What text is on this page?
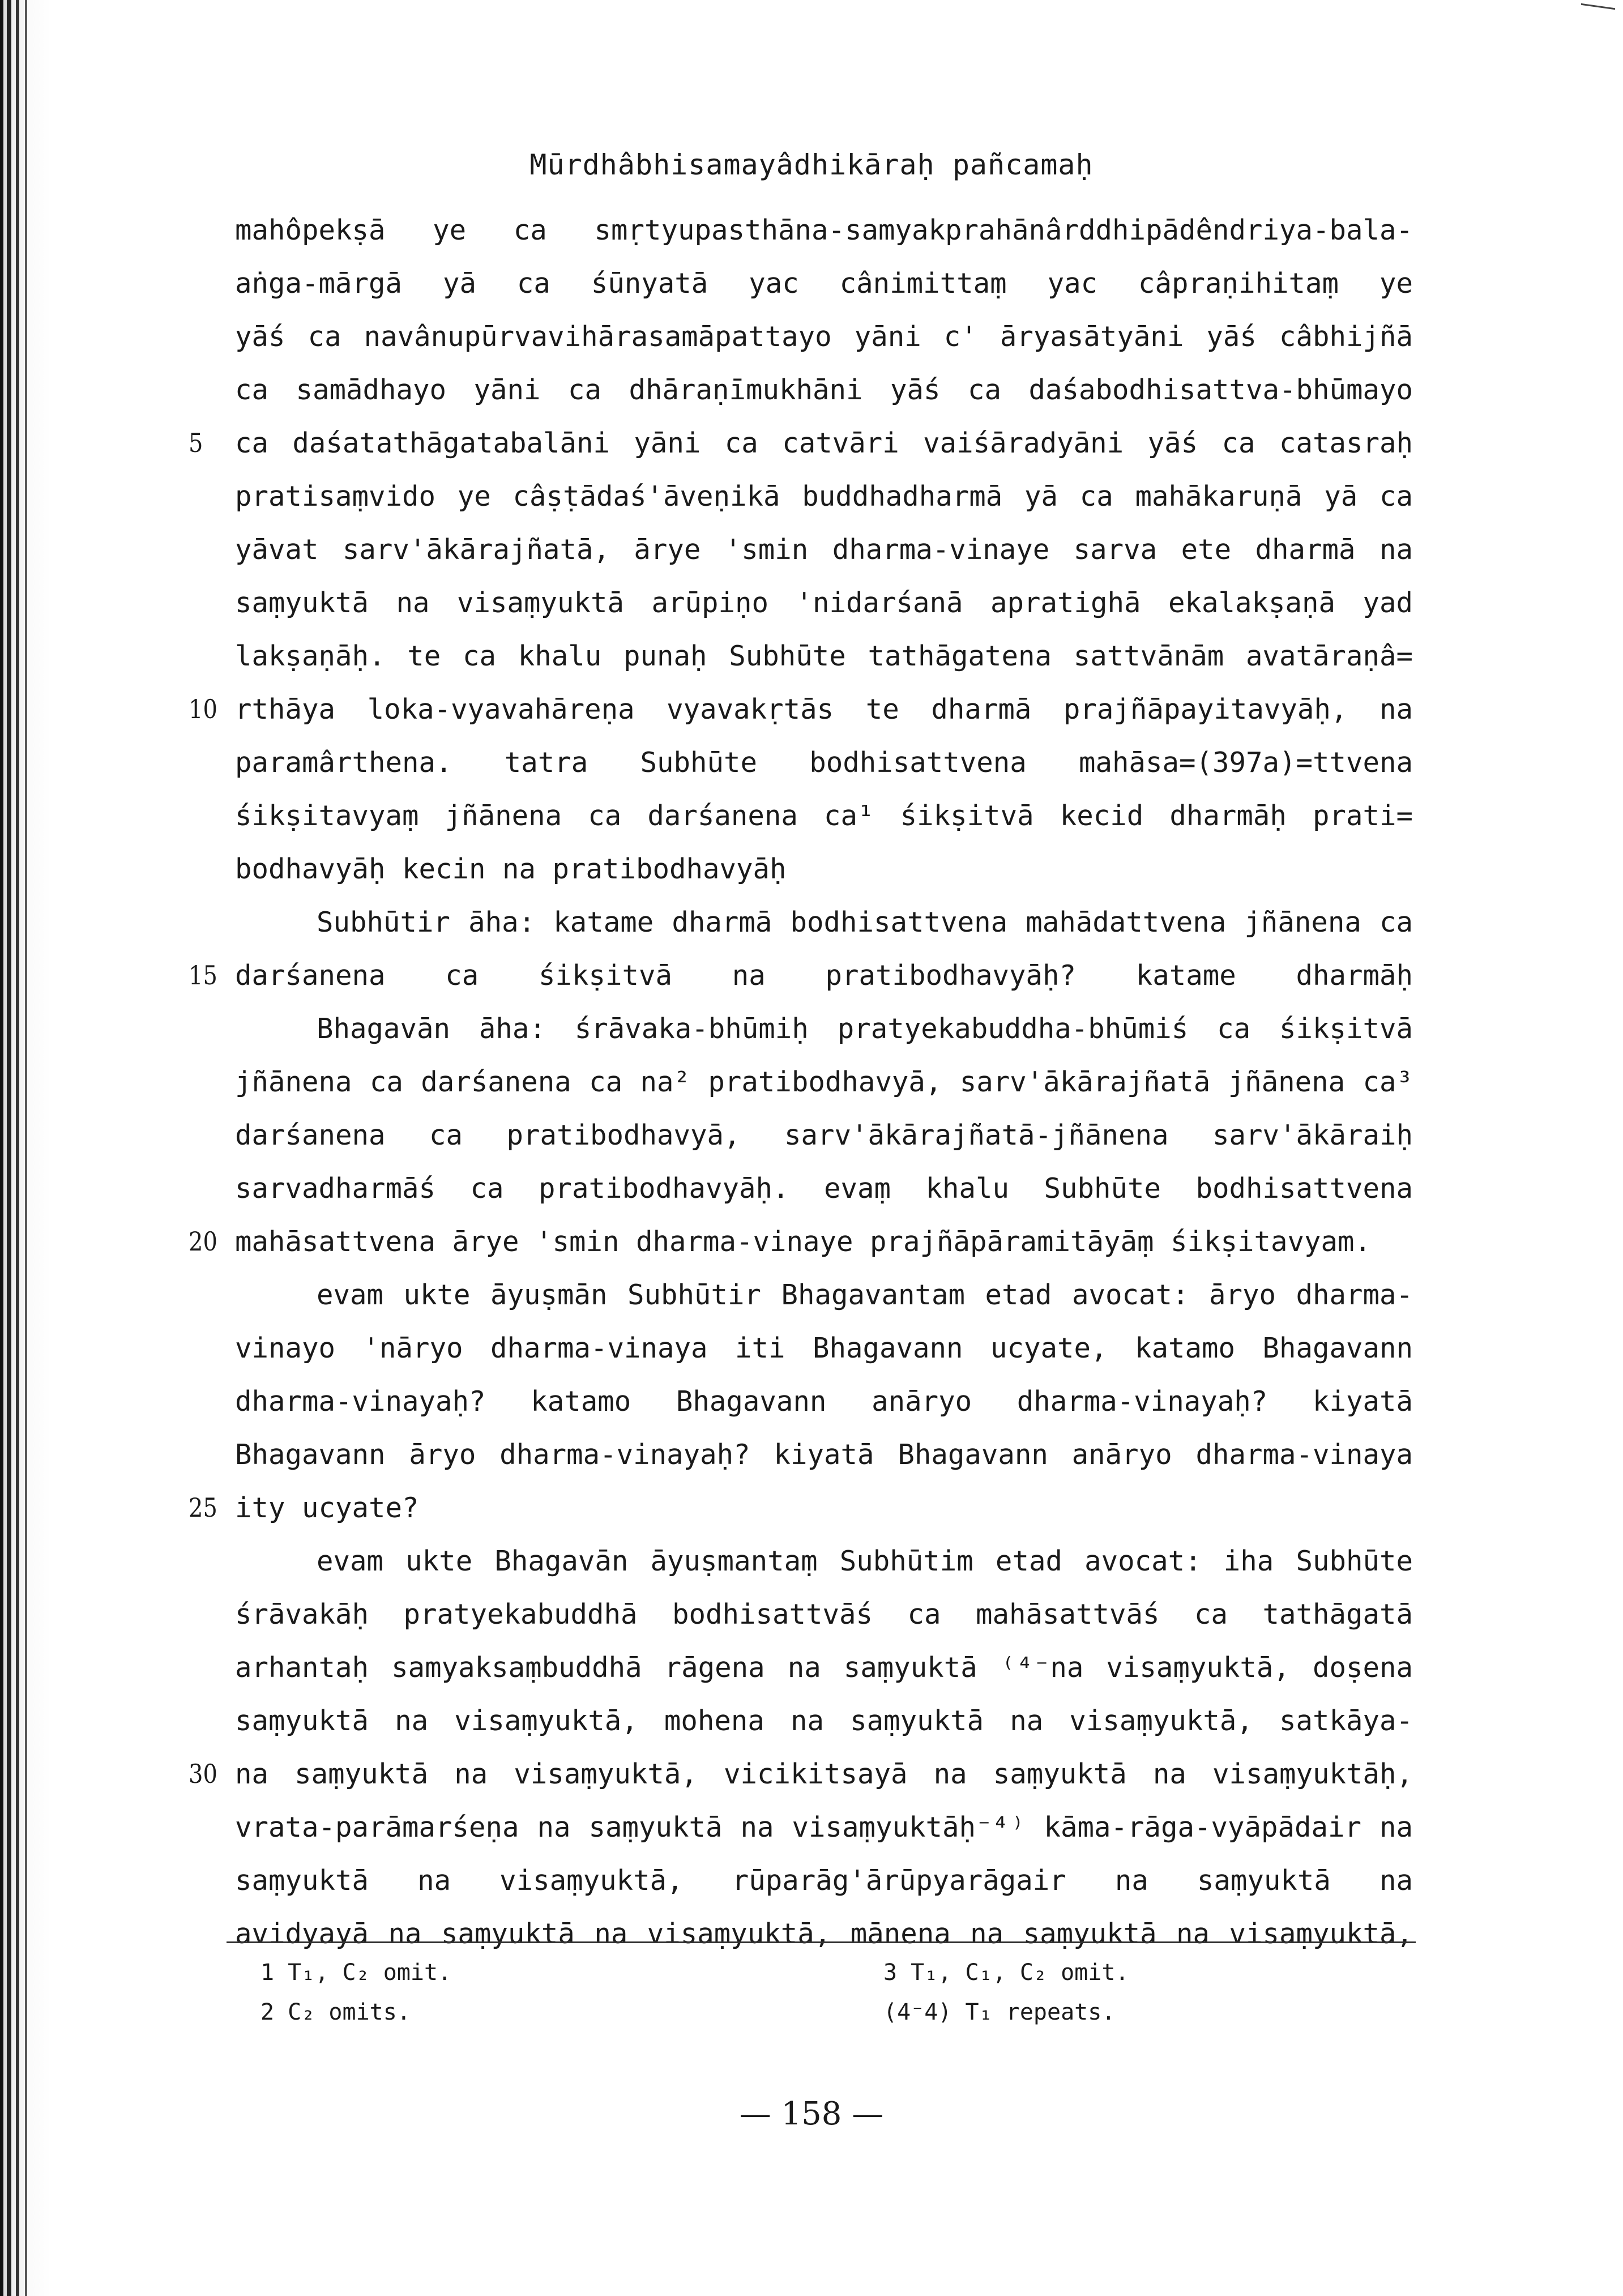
Mūrdhâbhisamayâdhikāraḥ pañcamaḥ
mahôpekṣā ye ca smṛtyupasthāna-samyakprahānârddhipādêndriya-bala-
aṅga-mārgā yā ca śūnyatā yac cânimittaṃ yac câpraṇihitaṃ ye
yāś ca navânupūrvavihārasamāpattayo yāni c' āryasātyāni yāś câbhijñā
ca samādhayo yāni ca dhāraṇīmukhāni yāś ca daśabodhisattva-bhūmayo
5	ca daśatathāgatabalāni yāni ca catvāri vaiśāradyāni yāś ca catasraḥ
pratisaṃvido ye câṣṭādaś'āveṇikā buddhadharmā yā ca mahākaruṇā yā ca
yāvat sarv'ākārajñatā, ārye 'smin dharma-vinaye sarva ete dharmā na
saṃyuktā na visaṃyuktā arūpiṇo 'nidarśanā apratighā ekalakṣaṇā yad
lakṣaṇāḥ. te ca khalu punaḥ Subhūte tathāgatena sattvānām avatāraṇâ=
10 rthāya loka-vyavahāreṇa vyavakṛtās te dharmā prajñāpayitavyāḥ, na
paramârthena. tatra Subhūte bodhisattvena mahāsa=(397a)=ttvena
śikṣitavyaṃ jñānena ca darśanena ca¹ śikṣitvā kecid dharmāḥ prati=
bodhavyāḥ kecin na pratibodhavyāḥ
Subhūtir āha: katame dharmā bodhisattvena mahādattvena jñānena ca
15 darśanena ca śikṣitvā na pratibodhavyāḥ? katame dharmāḥ
Bhagavān āha: śrāvaka-bhūmiḥ pratyekabuddha-bhūmiś ca śikṣitvā
jñānena ca darśanena ca na² pratibodhavyā, sarv'ākārajñatā jñānena ca³
darśanena ca pratibodhavyā, sarv'ākārajñatā-jñānena sarv'ākāraiḥ
sarvadharmāś ca pratibodhavyāḥ. evaṃ khalu Subhūte bodhisattvena
20 mahāsattvena ārye 'smin dharma-vinaye prajñāpāramitāyāṃ śikṣitavyam.
evam ukte āyuṣmān Subhūtir Bhagavantam etad avocat: āryo dharma-
vinayo 'nāryo dharma-vinaya iti Bhagavann ucyate, katamo Bhagavann
dharma-vinayaḥ? katamo Bhagavann anāryo dharma-vinayaḥ? kiyatā
Bhagavann āryo dharma-vinayaḥ? kiyatā Bhagavann anāryo dharma-vinaya
25 ity ucyate?
evam ukte Bhagavān āyuṣmantaṃ Subhūtim etad avocat: iha Subhūte
śrāvakāḥ pratyekabuddhā bodhisattvāś ca mahāsattvāś ca tathāgatā
arhantaḥ samyaksaṃbuddhā rāgena na saṃyuktā ⁽⁴⁻na visaṃyuktā, doṣena
saṃyuktā na visaṃyuktā, mohena na saṃyuktā na visaṃyuktā, satkāya-
30 na saṃyuktā na visaṃyuktā, vicikitsayā na saṃyuktā na visaṃyuktāḥ,
vrata-parāmarśeṇa na saṃyuktā na visaṃyuktāḥ⁻⁴⁾ kāma-rāga-vyāpādair na
saṃyuktā na visaṃyuktā, rūparāg'ārūpyarāgair na saṃyuktā na
avidyayā na saṃyuktā na visaṃyuktā, mānena na saṃyuktā na visaṃyuktā,
1 T₁, C₂ omit.	3 T₁, C₁, C₂ omit.
2 C₂ omits.	(4⁻4) T₁ repeats.
— 158 —
